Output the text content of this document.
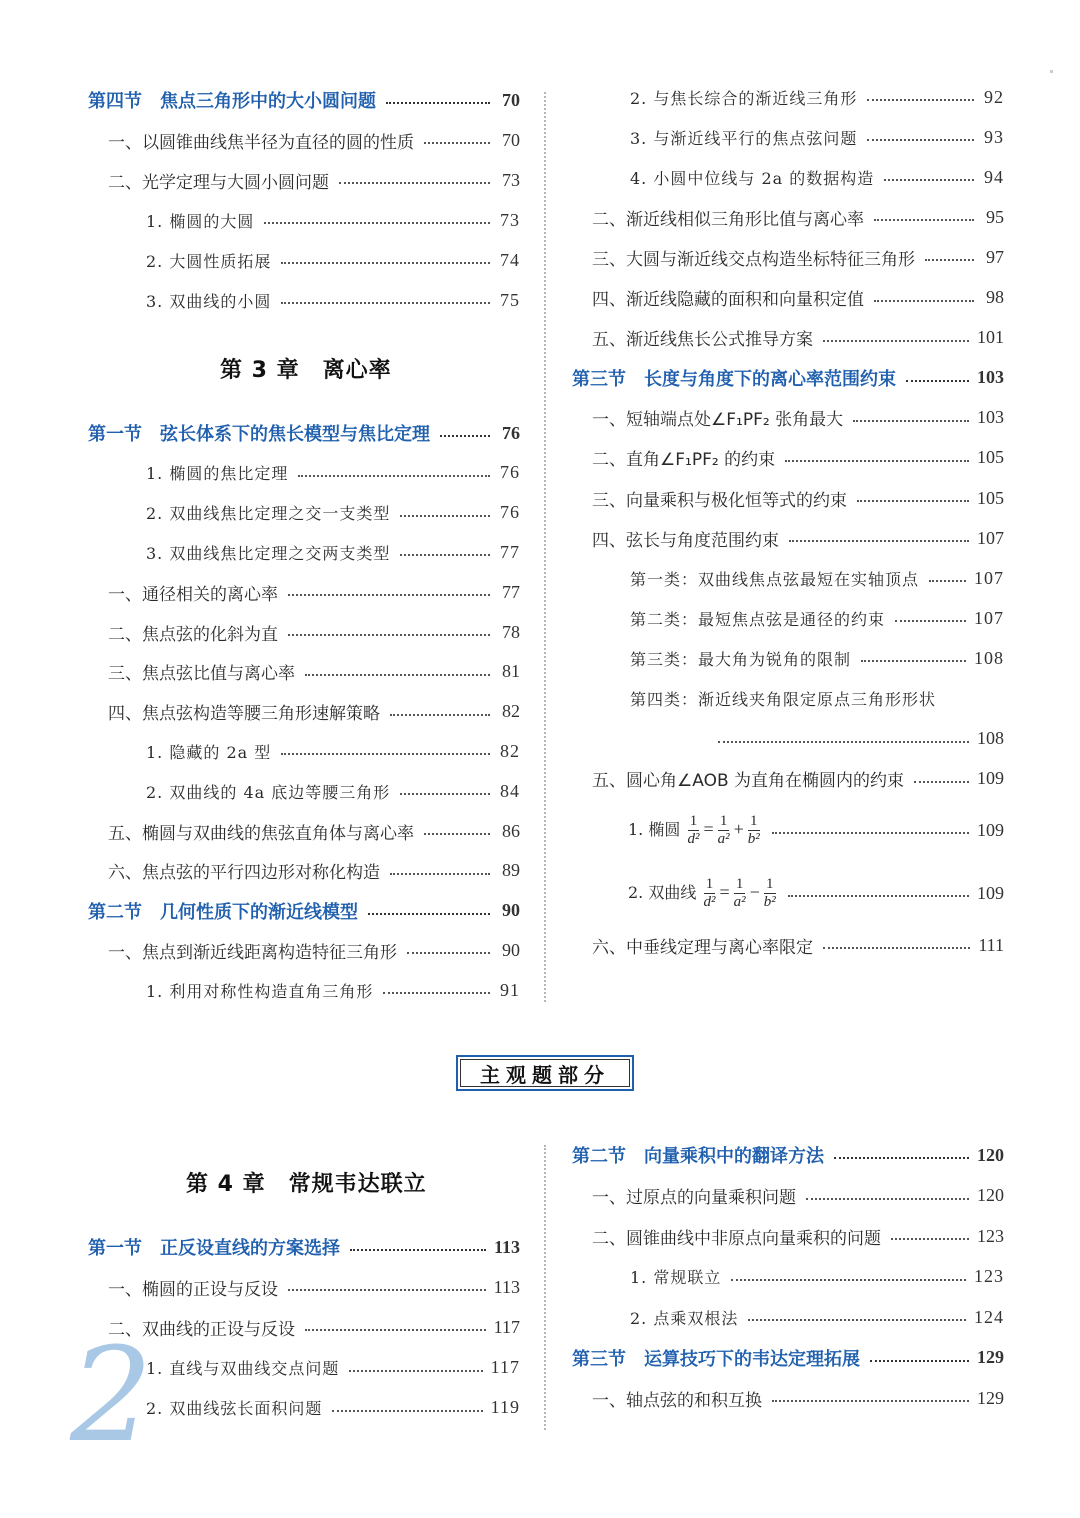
第四节　焦点三角形中的大小圆问题	70
一、以圆锥曲线焦半径为直径的圆的性质	70
二、光学定理与大圆小圆问题	73
1. 椭圆的大圆	73
2. 大圆性质拓展	74
3. 双曲线的小圆	75
第 3 章　离心率
第一节　弦长体系下的焦长模型与焦比定理	76
1. 椭圆的焦比定理	76
2. 双曲线焦比定理之交一支类型	76
3. 双曲线焦比定理之交两支类型	77
一、通径相关的离心率	77
二、焦点弦的化斜为直	78
三、焦点弦比值与离心率	81
四、焦点弦构造等腰三角形速解策略	82
1. 隐藏的 2a 型	82
2. 双曲线的 4a 底边等腰三角形	84
五、椭圆与双曲线的焦弦直角体与离心率	86
六、焦点弦的平行四边形对称化构造	89
第二节　几何性质下的渐近线模型	90
一、焦点到渐近线距离构造特征三角形	90
1. 利用对称性构造直角三角形	91
2. 与焦长综合的渐近线三角形	92
3. 与渐近线平行的焦点弦问题	93
4. 小圆中位线与 2a 的数据构造	94
二、渐近线相似三角形比值与离心率	95
三、大圆与渐近线交点构造坐标特征三角形	97
四、渐近线隐藏的面积和向量积定值	98
五、渐近线焦长公式推导方案	101
第三节　长度与角度下的离心率范围约束	103
一、短轴端点处∠F₁PF₂ 张角最大	103
二、直角∠F₁PF₂ 的约束	105
三、向量乘积与极化恒等式的约束	105
四、弦长与角度范围约束	107
第一类：双曲线焦点弦最短在实轴顶点	107
第二类：最短焦点弦是通径的约束	107
第三类：最大角为锐角的限制	108
第四类：渐近线夹角限定原点三角形形状
108
五、圆心角∠AOB 为直角在椭圆内的约束	109
1. 椭圆 $\frac{1}{\text{d²}} = \frac{1}{\text{a²}} + \frac{1}{\text{b²}}$	109
2. 双曲线 $\frac{1}{\text{d²}} = \frac{1}{\text{a²}} - \frac{1}{\text{b²}}$	109
六、中垂线定理与离心率限定	111
主观题部分
第 4 章　常规韦达联立
第一节　正反设直线的方案选择	113
一、椭圆的正设与反设	113
二、双曲线的正设与反设	117
1. 直线与双曲线交点问题	117
2. 双曲线弦长面积问题	119
第二节　向量乘积中的翻译方法	120
一、过原点的向量乘积问题	120
二、圆锥曲线中非原点向量乘积的问题	123
1. 常规联立	123
2. 点乘双根法	124
第三节　运算技巧下的韦达定理拓展	129
一、轴点弦的和积互换	129
2
